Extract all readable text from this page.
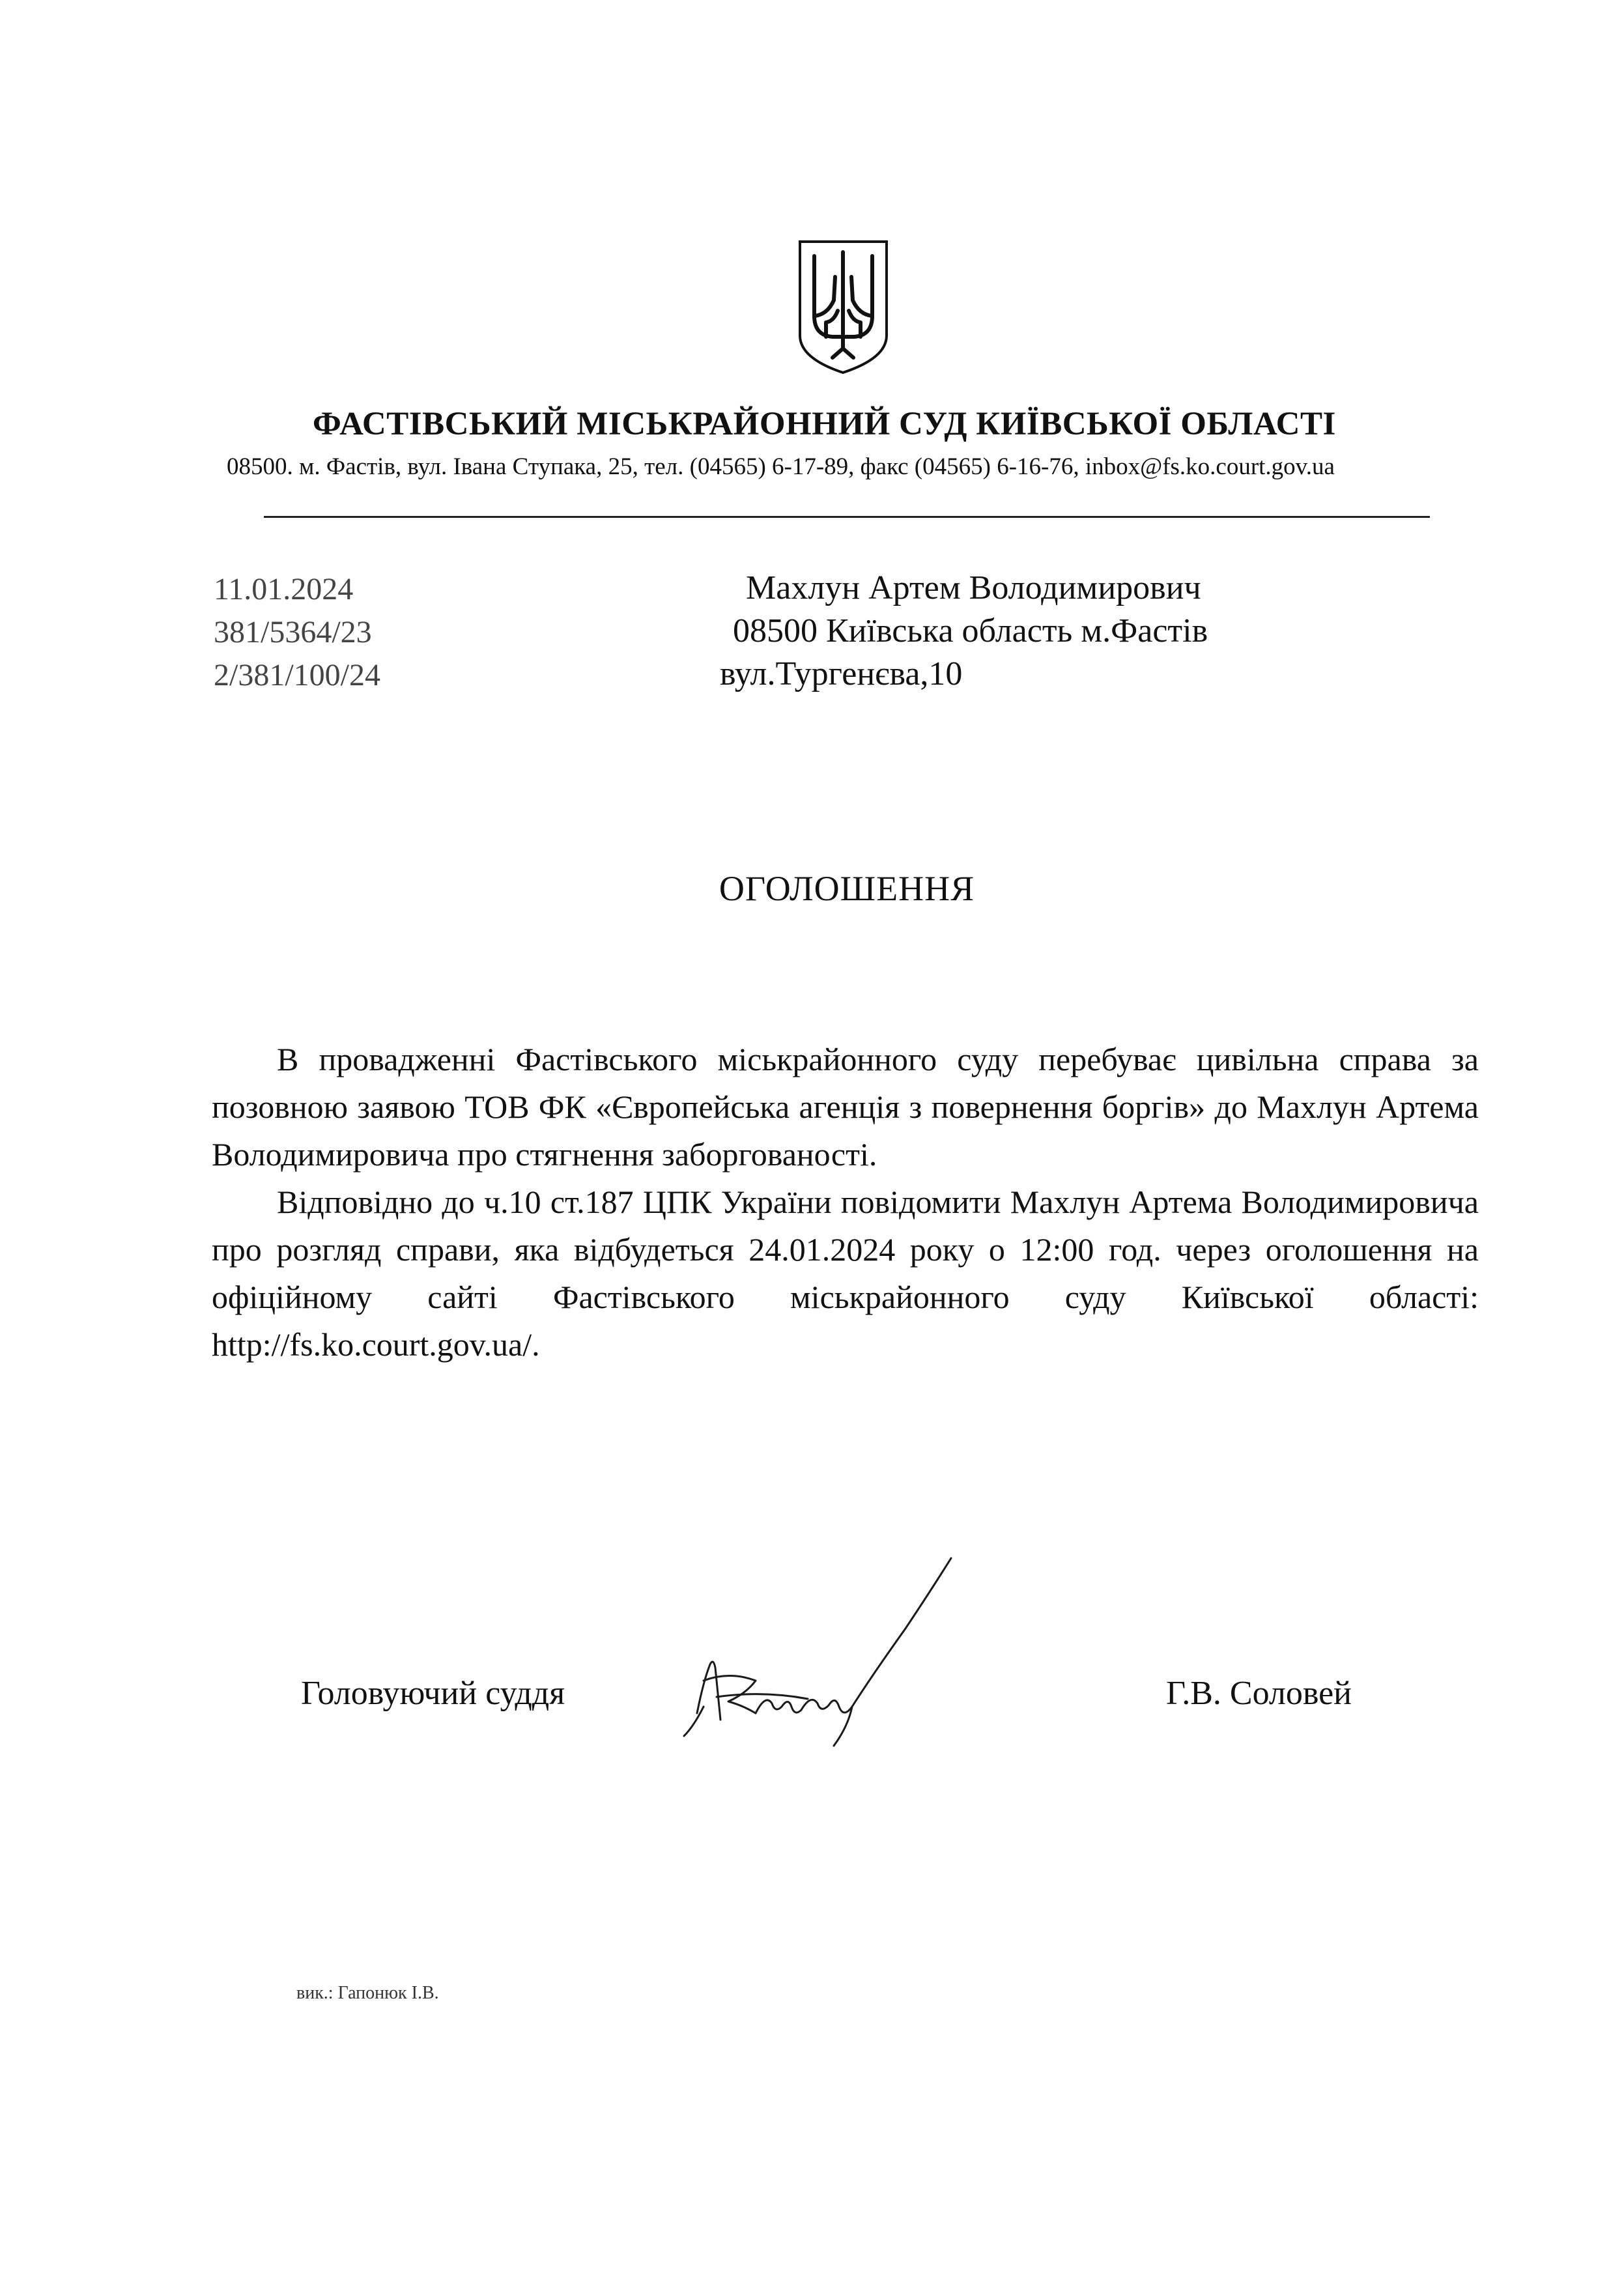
ФАСТІВСЬКИЙ МІСЬКРАЙОННИЙ СУД КИЇВСЬКОЇ ОБЛАСТІ
08500. м. Фастів, вул. Івана Ступака, 25, тел. (04565) 6-17-89, факс (04565) 6-16-76, inbox@fs.ko.court.gov.ua
11.01.2024
381/5364/23
2/381/100/24
Махлун Артем Володимирович
08500 Київська область м.Фастів
вул.Тургенєва,10
ОГОЛОШЕННЯ

В провадженні Фастівського міськрайонного суду перебуває цивільна справа за позовною заявою ТОВ ФК «Європейська агенція з повернення боргів» до Махлун Артема Володимировича про стягнення заборгованості.

Відповідно до ч.10 ст.187 ЦПК України повідомити Махлун Артема Володимировича про розгляд справи, яка відбудеться 24.01.2024 року о 12:00 год. через оголошення на офіційному сайті Фастівського міськрайонного суду Київської області: http://fs.ko.court.gov.ua/.

Головуючий суддя	Г.В. Соловей
вик.: Гапонюк І.В.
